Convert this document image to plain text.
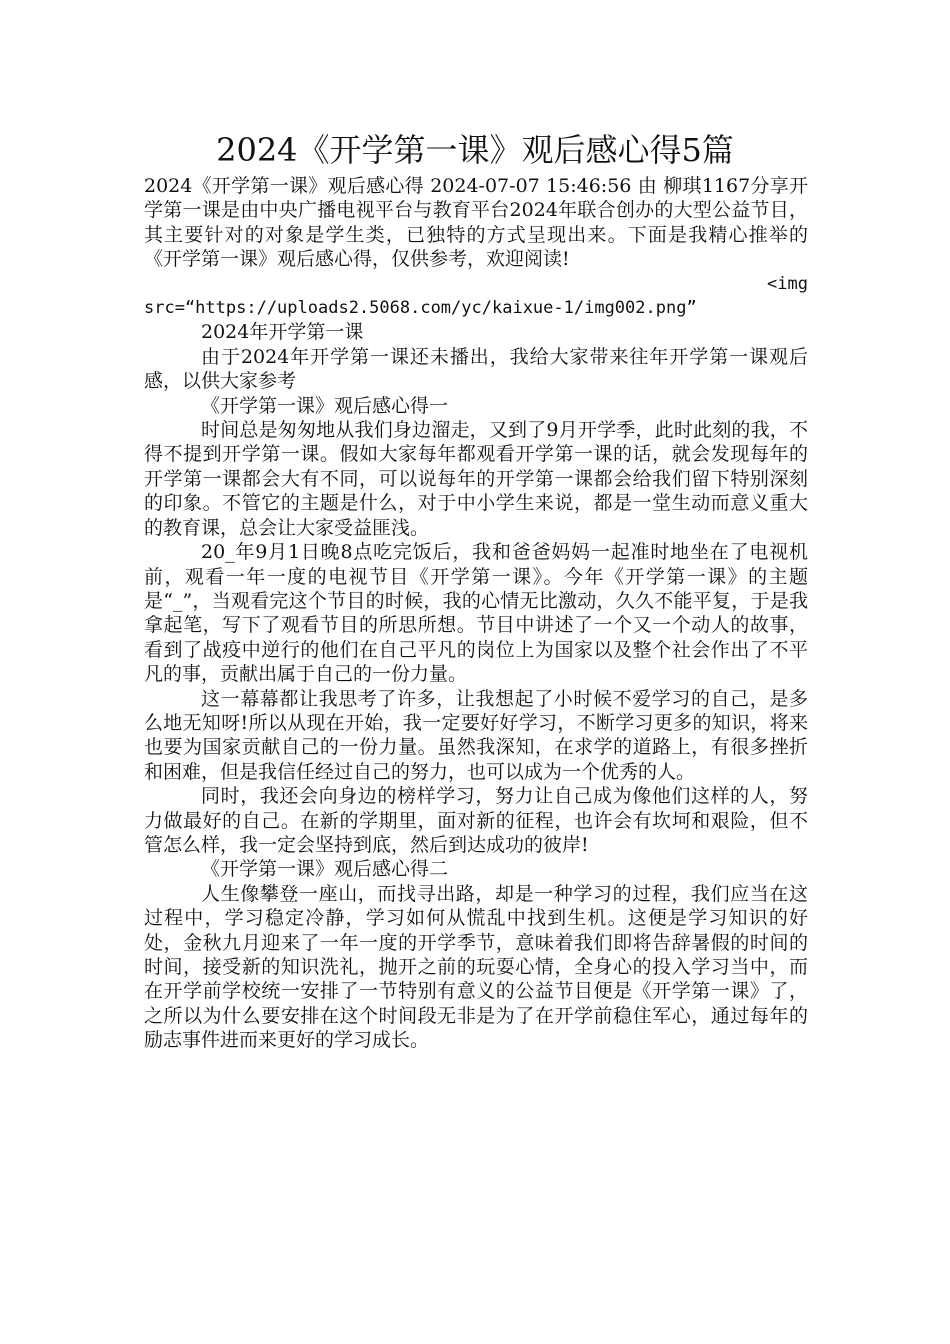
2024《开学第一课》观后感心得5篇

2024《开学第一课》观后感心得 2024-07-07 15:46:56 由 柳琪1167分享开学第一课是由中央广播电视平台与教育平台2024年联合创办的大型公益节目，其主要针对的对象是学生类，已独特的方式呈现出来。下面是我精心推举的《开学第一课》观后感心得，仅供参考，欢迎阅读!

<img

src=“https://uploads2.5068.com/yc/kaixue-1/img002.png”

2024年开学第一课

由于2024年开学第一课还未播出，我给大家带来往年开学第一课观后感，以供大家参考

《开学第一课》观后感心得一

时间总是匆匆地从我们身边溜走，又到了9月开学季，此时此刻的我，不得不提到开学第一课。假如大家每年都观看开学第一课的话，就会发现每年的开学第一课都会大有不同，可以说每年的开学第一课都会给我们留下特别深刻的印象。不管它的主题是什么，对于中小学生来说，都是一堂生动而意义重大的教育课，总会让大家受益匪浅。

20_年9月1日晚8点吃完饭后，我和爸爸妈妈一起准时地坐在了电视机前，观看一年一度的电视节目《开学第一课》。今年《开学第一课》的主题是“_”，当观看完这个节目的时候，我的心情无比激动，久久不能平复，于是我拿起笔，写下了观看节目的所思所想。节目中讲述了一个又一个动人的故事，看到了战疫中逆行的他们在自己平凡的岗位上为国家以及整个社会作出了不平凡的事，贡献出属于自己的一份力量。

这一幕幕都让我思考了许多，让我想起了小时候不爱学习的自己，是多么地无知呀!所以从现在开始，我一定要好好学习，不断学习更多的知识，将来也要为国家贡献自己的一份力量。虽然我深知，在求学的道路上，有很多挫折和困难，但是我信任经过自己的努力，也可以成为一个优秀的人。

同时，我还会向身边的榜样学习，努力让自己成为像他们这样的人，努力做最好的自己。在新的学期里，面对新的征程，也许会有坎坷和艰险，但不管怎么样，我一定会坚持到底，然后到达成功的彼岸!

《开学第一课》观后感心得二

人生像攀登一座山，而找寻出路，却是一种学习的过程，我们应当在这过程中，学习稳定冷静，学习如何从慌乱中找到生机。这便是学习知识的好处，金秋九月迎来了一年一度的开学季节，意味着我们即将告辞暑假的时间的时间，接受新的知识洗礼，抛开之前的玩耍心情，全身心的投入学习当中，而在开学前学校统一安排了一节特别有意义的公益节目便是《开学第一课》了，之所以为什么要安排在这个时间段无非是为了在开学前稳住军心，通过每年的励志事件进而来更好的学习成长。
